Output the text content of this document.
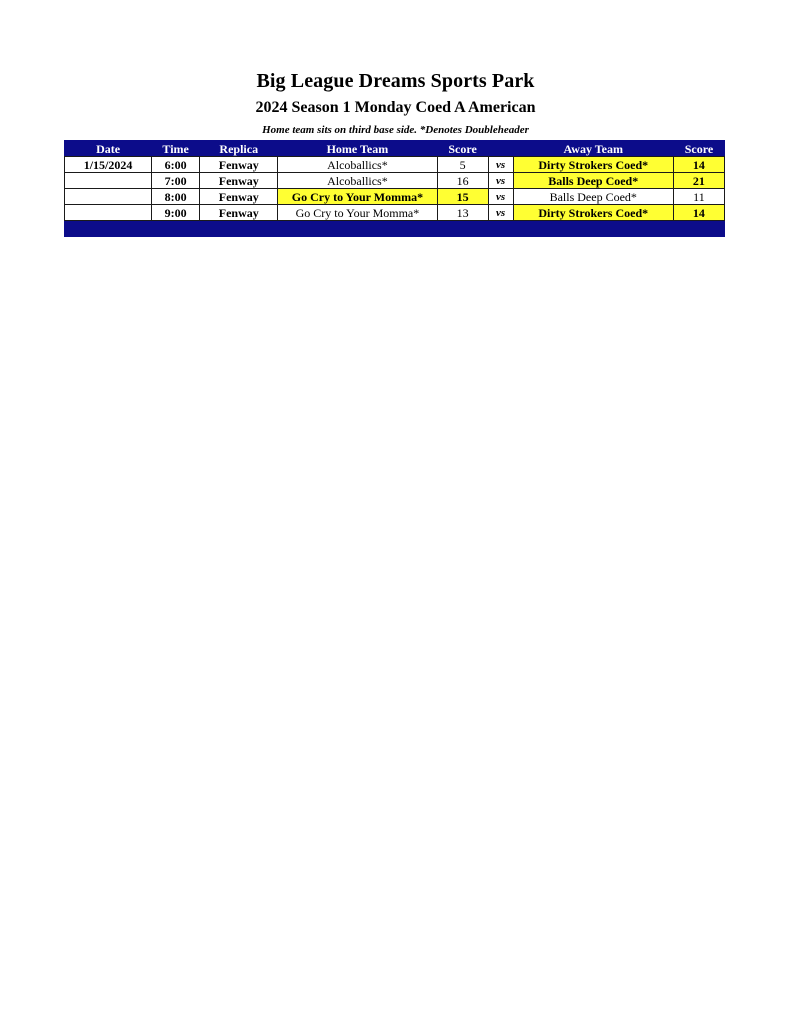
Big League Dreams Sports Park
2024 Season 1 Monday Coed A American
Home team sits on third base side. *Denotes Doubleheader
Date	Time	Replica	Home Team	Score		Away Team	Score
1/15/2024	6:00	Fenway	Alcoballics*	5	vs	Dirty Strokers Coed*	14
	7:00	Fenway	Alcoballics*	16	vs	Balls Deep Coed*	21
	8:00	Fenway	Go Cry to Your Momma*	15	vs	Balls Deep Coed*	11
	9:00	Fenway	Go Cry to Your Momma*	13	vs	Dirty Strokers Coed*	14
